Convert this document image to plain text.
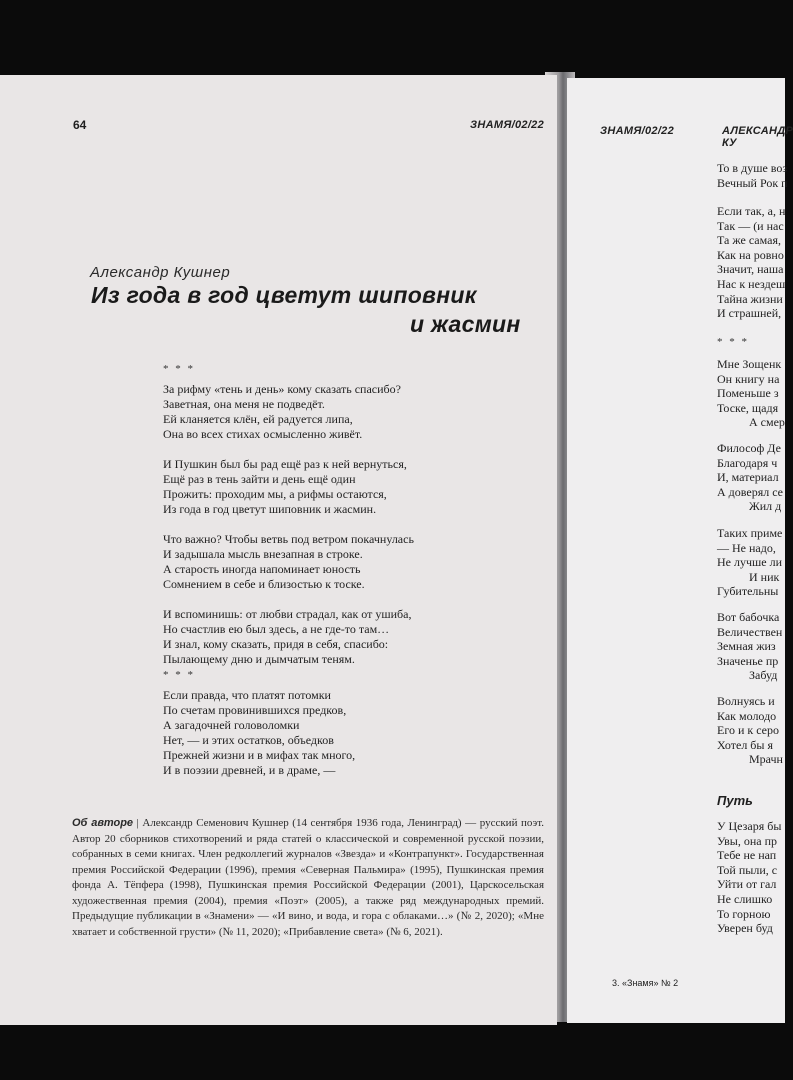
64	ЗНАМЯ/02/22
Александр Кушнер
Из года в год цветут шиповник
и жасмин
* * *
За рифму «тень и день» кому сказать спасибо?
Заветная, она меня не подведёт.
Ей кланяется клён, ей радуется липа,
Она во всех стихах осмысленно живёт.
И Пушкин был бы рад ещё раз к ней вернуться,
Ещё раз в тень зайти и день ещё один
Прожить: проходим мы, а рифмы остаются,
Из года в год цветут шиповник и жасмин.
Что важно? Чтобы ветвь под ветром покачнулась
И задышала мысль внезапная в строке.
А старость иногда напоминает юность
Сомнением в себе и близостью к тоске.
И вспоминишь: от любви страдал, как от ушиба,
Но счастлив ею был здесь, а не где-то там…
И знал, кому сказать, придя в себя, спасибо:
Пылающему дню и дымчатым теням.
* * *
Если правда, что платят потомки
По счетам провинившихся предков,
А загадочней головоломки
Нет, — и этих остатков, объедков
Прежней жизни и в мифах так много,
И в поэзии древней, и в драме, —
Об авторе | Александр Семенович Кушнер (14 сентября 1936 года, Ленинград) — русский поэт. Автор 20 сборников стихотворений и ряда статей о классической и современной русской поэзии, собранных в семи книгах. Член редколлегий журналов «Звезда» и «Контрапункт». Государственная премия Российской Федерации (1996), премия «Северная Пальмира» (1995), Пушкинская премия фонда А. Тёпфера (1998), Пушкинская премия Российской Федерации (2001), Царскосельская художественная премия (2004), премия «Поэт» (2005), а также ряд международных премий. Предыдущие публикации в «Знамени» — «И вино, и вода, и гора с облаками…» (№ 2, 2020); «Мне хватает и собственной грусти» (№ 11, 2020); «Прибавление света» (№ 6, 2021).
ЗНАМЯ/02/22	АЛЕКСАНДР КУ
То в душе воз
Вечный Рок п
Если так, а, н
Так — (и нас
Та же самая,
Как на ровно
Значит, наша
Нас к нездеш
Тайна жизни
И страшней,
* * *
Мне Зощенк
Он книгу на
Поменьше з
Тоске, щадя
А смер
Философ Де
Благодаря ч
И, материал
А доверял се
Жил д
Таких приме
— Не надо,
Не лучше ли
И ник
Губительны
Вот бабочка
Величествен
Земная жиз
Значенье пр
Забуд
Волнуясь и
Как молодо
Его и к серо
Хотел бы я
Мрачн
Путь
У Цезаря бы
Увы, она пр
Тебе не нап
Той пыли, с
Уйти от гал
Не слишко
То горною
Уверен буд
3. «Знамя» № 2
